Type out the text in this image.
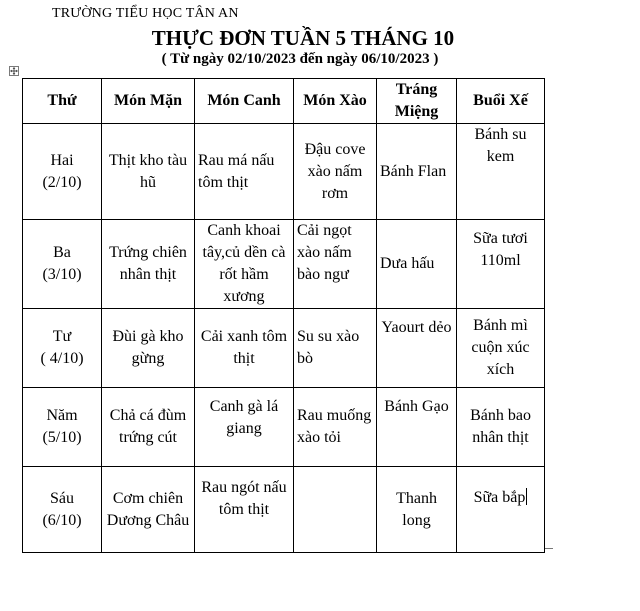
TRƯỜNG TIỂU HỌC TÂN AN
THỰC ĐƠN TUẦN 5 THÁNG 10
( Từ ngày 02/10/2023 đến ngày 06/10/2023 )
Thứ	Món Mặn	Món Canh	Món Xào	Tráng Miệng	Buổi Xế

Hai
(2/10)	Thịt kho tàu hũ	Rau má nấu tôm thịt	Đậu cove xào nấm rơm	Bánh Flan	Bánh su kem

Ba
(3/10)	Trứng chiên nhân thịt	Canh khoai tây,củ dền cà rốt hầm xương	Cải ngọt xào nấm bào ngư	Dưa hấu	Sữa tươi 110ml

Tư
( 4/10)	Đùi gà kho gừng	Cải xanh tôm thịt	Su su xào bò	Yaourt dẻo	Bánh mì cuộn xúc xích

Năm
(5/10)	Chả cá đùm trứng cút	Canh gà lá giang	Rau muống xào tỏi	Bánh Gạo	Bánh bao nhân thịt

Sáu
(6/10)	Cơm chiên Dương Châu	Rau ngót nấu tôm thịt		Thanh long	Sữa bắp
